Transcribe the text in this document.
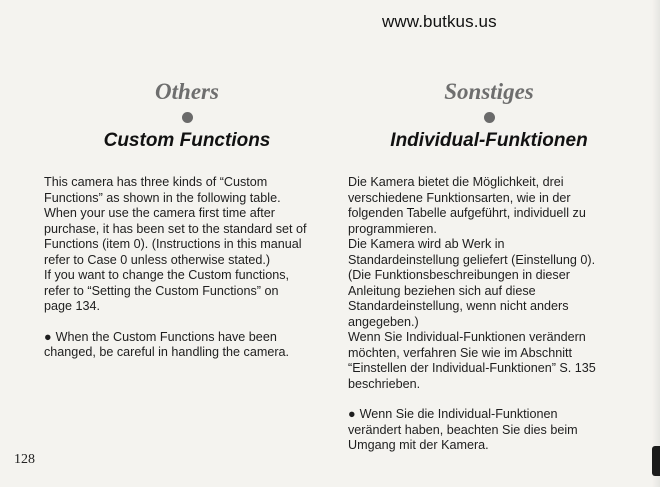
www.butkus.us
Others
Custom Functions

This camera has three kinds of “Custom
Functions” as shown in the following table.
When your use the camera first time after
purchase, it has been set to the standard set of
Functions (item 0). (Instructions in this manual
refer to Case 0 unless otherwise stated.)
If you want to change the Custom functions,
refer to “Setting the Custom Functions” on
page 134.

● When the Custom Functions have been
changed, be careful in handling the camera.

Sonstiges
Individual-Funktionen

Die Kamera bietet die Möglichkeit, drei
verschiedene Funktionsarten, wie in der
folgenden Tabelle aufgeführt, individuell zu
programmieren.
Die Kamera wird ab Werk in
Standardeinstellung geliefert (Einstellung 0).
(Die Funktionsbeschreibungen in dieser
Anleitung beziehen sich auf diese
Standardeinstellung, wenn nicht anders
angegeben.)
Wenn Sie Individual-Funktionen verändern
möchten, verfahren Sie wie im Abschnitt
“Einstellen der Individual-Funktionen” S. 135
beschrieben.

● Wenn Sie die Individual-Funktionen
verändert haben, beachten Sie dies beim
Umgang mit der Kamera.

128
